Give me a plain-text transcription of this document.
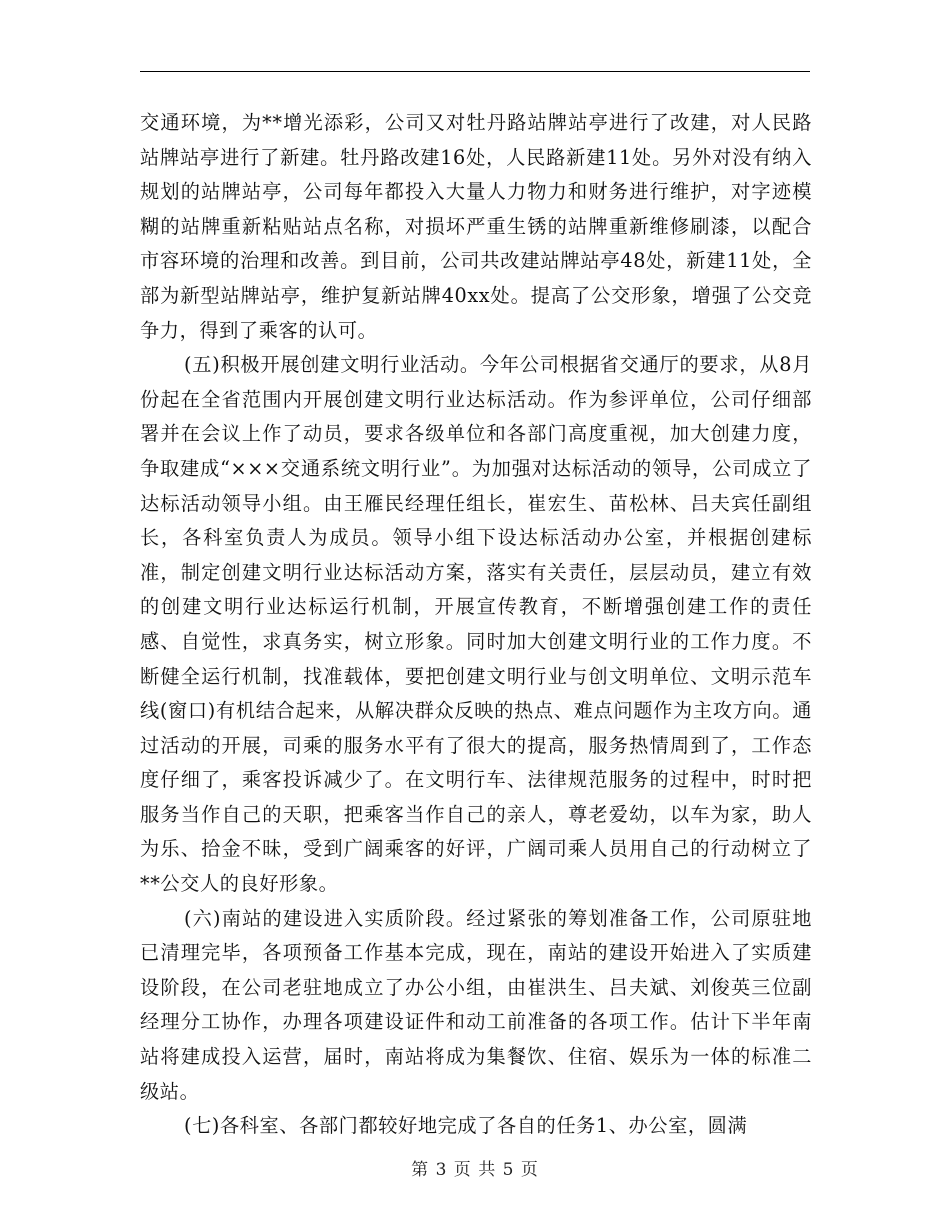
交通环境，为**增光添彩，公司又对牡丹路站牌站亭进行了改建，对人民路站牌站亭进行了新建。牡丹路改建16处，人民路新建11处。另外对没有纳入规划的站牌站亭，公司每年都投入大量人力物力和财务进行维护，对字迹模糊的站牌重新粘贴站点名称，对损坏严重生锈的站牌重新维修刷漆，以配合市容环境的治理和改善。到目前，公司共改建站牌站亭48处，新建11处，全部为新型站牌站亭，维护复新站牌40xx处。提高了公交形象，增强了公交竞争力，得到了乘客的认可。

(五)积极开展创建文明行业活动。今年公司根据省交通厅的要求，从8月份起在全省范围内开展创建文明行业达标活动。作为参评单位，公司仔细部署并在会议上作了动员，要求各级单位和各部门高度重视，加大创建力度，争取建成“×××交通系统文明行业”。为加强对达标活动的领导，公司成立了达标活动领导小组。由王雁民经理任组长，崔宏生、苗松林、吕夫宾任副组长，各科室负责人为成员。领导小组下设达标活动办公室，并根据创建标准，制定创建文明行业达标活动方案，落实有关责任，层层动员，建立有效的创建文明行业达标运行机制，开展宣传教育，不断增强创建工作的责任感、自觉性，求真务实，树立形象。同时加大创建文明行业的工作力度。不断健全运行机制，找准载体，要把创建文明行业与创文明单位、文明示范车线(窗口)有机结合起来，从解决群众反映的热点、难点问题作为主攻方向。通过活动的开展，司乘的服务水平有了很大的提高，服务热情周到了，工作态度仔细了，乘客投诉减少了。在文明行车、法律规范服务的过程中，时时把服务当作自己的天职，把乘客当作自己的亲人，尊老爱幼，以车为家，助人为乐、拾金不昧，受到广阔乘客的好评，广阔司乘人员用自己的行动树立了**公交人的良好形象。

(六)南站的建设进入实质阶段。经过紧张的筹划准备工作，公司原驻地已清理完毕，各项预备工作基本完成，现在，南站的建设开始进入了实质建设阶段，在公司老驻地成立了办公小组，由崔洪生、吕夫斌、刘俊英三位副经理分工协作，办理各项建设证件和动工前准备的各项工作。估计下半年南站将建成投入运营，届时，南站将成为集餐饮、住宿、娱乐为一体的标准二级站。

(七)各科室、各部门都较好地完成了各自的任务1、办公室，圆满

第 3 页 共 5 页
